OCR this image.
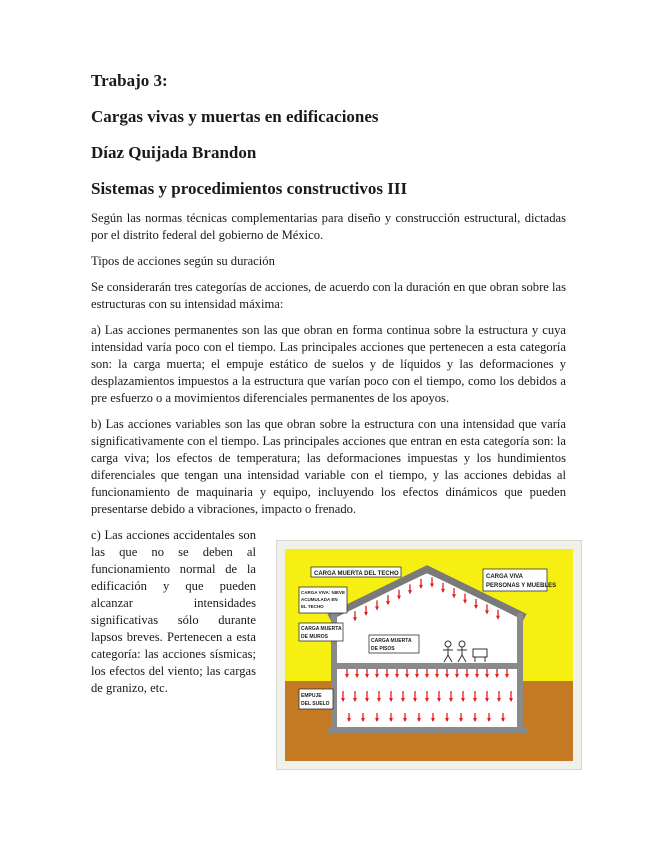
Trabajo 3:
Cargas vivas y muertas en edificaciones
Díaz Quijada Brandon
Sistemas y procedimientos constructivos III

Según las normas técnicas complementarias para diseño y construcción estructural, dictadas por el distrito federal del gobierno de México.

Tipos de acciones según su duración

Se considerarán tres categorías de acciones, de acuerdo con la duración en que obran sobre las estructuras con su intensidad máxima:

a) Las acciones permanentes son las que obran en forma continua sobre la estructura y cuya intensidad varía poco con el tiempo. Las principales acciones que pertenecen a esta categoría son: la carga muerta; el empuje estático de suelos y de líquidos y las deformaciones y desplazamientos impuestos a la estructura que varían poco con el tiempo, como los debidos a pre esfuerzo o a movimientos diferenciales permanentes de los apoyos.

b) Las acciones variables son las que obran sobre la estructura con una intensidad que varía significativamente con el tiempo. Las principales acciones que entran en esta categoría son: la carga viva; los efectos de temperatura; las deformaciones impuestas y los hundimientos diferenciales que tengan una intensidad variable con el tiempo, y las acciones debidas al funcionamiento de maquinaria y equipo, incluyendo los efectos dinámicos que pueden presentarse debido a vibraciones, impacto o frenado.

c) Las acciones accidentales son las que no se deben al funcionamiento normal de la edificación y que pueden alcanzar intensidades significativas sólo durante lapsos breves. Pertenecen a esta categoría: las acciones sísmicas; los efectos del viento; las cargas de granizo, etc.

CARGA MUERTA DEL TECHO	CARGA VIVA
PERSONAS Y MUEBLES
CARGA VIVA: NIEVE
ACUMULADA EN
EL TECHO
CARGA MUERTA
DE MUROS
CARGA MUERTA
DE PISOS
EMPUJE
DEL SUELO
